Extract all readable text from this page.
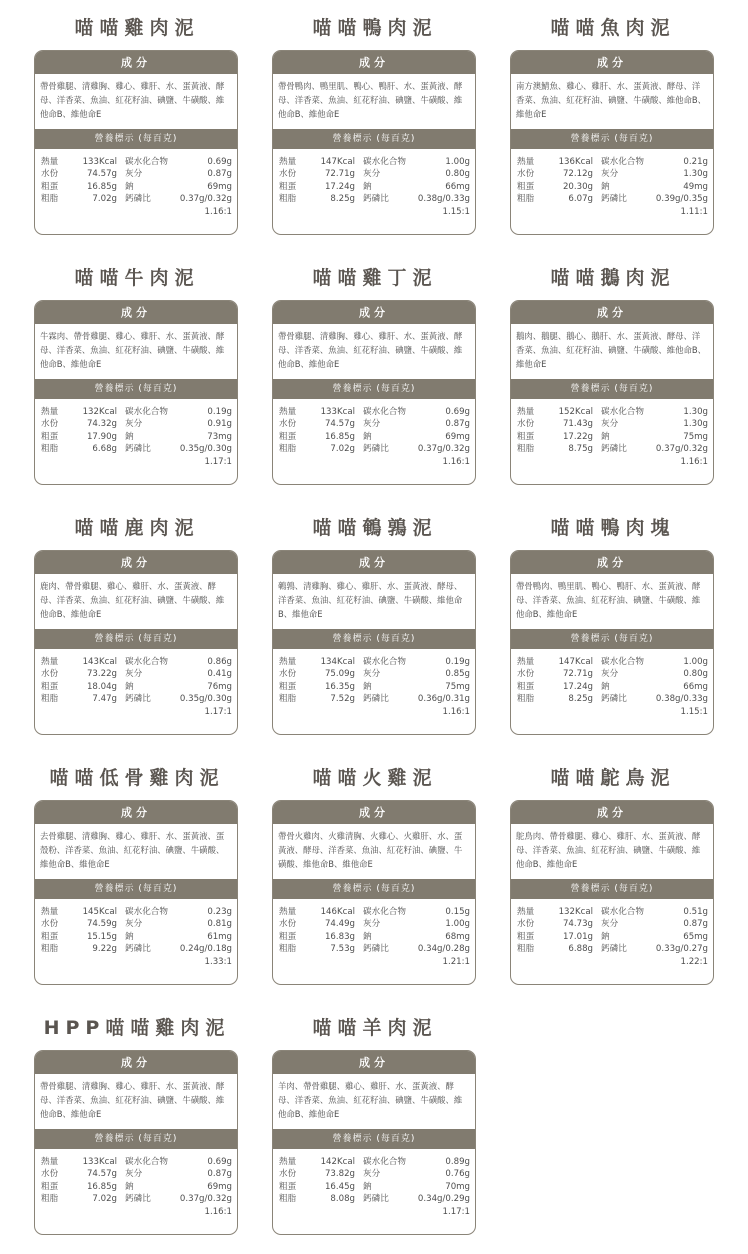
喵喵雞肉泥
成分
帶骨雞腿、清雞胸、雞心、雞肝、水、蛋黃液、酵母、洋香菜、魚油、紅花籽油、碘鹽、牛磺酸、維他命B、維他命E
營養標示 (每百克)
熱量	133Kcal 碳水化合物	0.69g
水份	74.57g 灰分	0.87g
粗蛋	16.85g 鈉	69mg
粗脂	7.02g 鈣磷比	0.37g/0.32g
1.16:1
喵喵鴨肉泥
成分
帶骨鴨肉、鴨里肌、鴨心、鴨肝、水、蛋黃液、酵母、洋香菜、魚油、紅花籽油、碘鹽、牛磺酸、維他命B、維他命E
營養標示 (每百克)
熱量	147Kcal 碳水化合物	1.00g
水份	72.71g 灰分	0.80g
粗蛋	17.24g 鈉	66mg
粗脂	8.25g 鈣磷比	0.38g/0.33g
1.15:1
喵喵魚肉泥
成分
南方澳鯖魚、雞心、雞肝、水、蛋黃液、酵母、洋香菜、魚油、紅花籽油、碘鹽、牛磺酸、維他命B、維他命E
營養標示 (每百克)
熱量	136Kcal 碳水化合物	0.21g
水份	72.12g 灰分	1.30g
粗蛋	20.30g 鈉	49mg
粗脂	6.07g 鈣磷比	0.39g/0.35g
1.11:1
喵喵牛肉泥
成分
牛霖肉、帶骨雞腿、雞心、雞肝、水、蛋黃液、酵母、洋香菜、魚油、紅花籽油、碘鹽、牛磺酸、維他命B、維他命E
營養標示 (每百克)
熱量	132Kcal 碳水化合物	0.19g
水份	74.32g 灰分	0.91g
粗蛋	17.90g 鈉	73mg
粗脂	6.68g 鈣磷比	0.35g/0.30g
1.17:1
喵喵雞丁泥
成分
帶骨雞腿、清雞胸、雞心、雞肝、水、蛋黃液、酵母、洋香菜、魚油、紅花籽油、碘鹽、牛磺酸、維他命B、維他命E
營養標示 (每百克)
熱量	133Kcal 碳水化合物	0.69g
水份	74.57g 灰分	0.87g
粗蛋	16.85g 鈉	69mg
粗脂	7.02g 鈣磷比	0.37g/0.32g
1.16:1
喵喵鵝肉泥
成分
鵝肉、鵝腿、鵝心、鵝肝、水、蛋黃液、酵母、洋香菜、魚油、紅花籽油、碘鹽、牛磺酸、維他命B、維他命E
營養標示 (每百克)
熱量	152Kcal 碳水化合物	1.30g
水份	71.43g 灰分	1.30g
粗蛋	17.22g 鈉	75mg
粗脂	8.75g 鈣磷比	0.37g/0.32g
1.16:1
喵喵鹿肉泥
成分
鹿肉、帶骨雞腿、雞心、雞肝、水、蛋黃液、酵母、洋香菜、魚油、紅花籽油、碘鹽、牛磺酸、維他命B、維他命E
營養標示 (每百克)
熱量	143Kcal 碳水化合物	0.86g
水份	73.22g 灰分	0.41g
粗蛋	18.04g 鈉	76mg
粗脂	7.47g 鈣磷比	0.35g/0.30g
1.17:1
喵喵鵪鶉泥
成分
鵪鶉、清雞胸、雞心、雞肝、水、蛋黃液、酵母、洋香菜、魚油、紅花籽油、碘鹽、牛磺酸、維他命B、維他命E
營養標示 (每百克)
熱量	134Kcal 碳水化合物	0.19g
水份	75.09g 灰分	0.85g
粗蛋	16.35g 鈉	75mg
粗脂	7.52g 鈣磷比	0.36g/0.31g
1.16:1
喵喵鴨肉塊
成分
帶骨鴨肉、鴨里肌、鴨心、鴨肝、水、蛋黃液、酵母、洋香菜、魚油、紅花籽油、碘鹽、牛磺酸、維他命B、維他命E
營養標示 (每百克)
熱量	147Kcal 碳水化合物	1.00g
水份	72.71g 灰分	0.80g
粗蛋	17.24g 鈉	66mg
粗脂	8.25g 鈣磷比	0.38g/0.33g
1.15:1
喵喵低骨雞肉泥
成分
去骨雞腿、清雞胸、雞心、雞肝、水、蛋黃液、蛋殼粉、洋香菜、魚油、紅花籽油、碘鹽、牛磺酸、維他命B、維他命E
營養標示 (每百克)
熱量	145Kcal 碳水化合物	0.23g
水份	74.59g 灰分	0.81g
粗蛋	15.15g 鈉	61mg
粗脂	9.22g 鈣磷比	0.24g/0.18g
1.33:1
喵喵火雞泥
成分
帶骨火雞肉、火雞清胸、火雞心、火雞肝、水、蛋黃液、酵母、洋香菜、魚油、紅花籽油、碘鹽、牛磺酸、維他命B、維他命E
營養標示 (每百克)
熱量	146Kcal 碳水化合物	0.15g
水份	74.49g 灰分	1.00g
粗蛋	16.83g 鈉	68mg
粗脂	7.53g 鈣磷比	0.34g/0.28g
1.21:1
喵喵鴕鳥泥
成分
鴕鳥肉、帶骨雞腿、雞心、雞肝、水、蛋黃液、酵母、洋香菜、魚油、紅花籽油、碘鹽、牛磺酸、維他命B、維他命E
營養標示 (每百克)
熱量	132Kcal 碳水化合物	0.51g
水份	74.73g 灰分	0.87g
粗蛋	17.01g 鈉	65mg
粗脂	6.88g 鈣磷比	0.33g/0.27g
1.22:1
HPP喵喵雞肉泥
成分
帶骨雞腿、清雞胸、雞心、雞肝、水、蛋黃液、酵母、洋香菜、魚油、紅花籽油、碘鹽、牛磺酸、維他命B、維他命E
營養標示 (每百克)
熱量	133Kcal 碳水化合物	0.69g
水份	74.57g 灰分	0.87g
粗蛋	16.85g 鈉	69mg
粗脂	7.02g 鈣磷比	0.37g/0.32g
1.16:1
喵喵羊肉泥
成分
羊肉、帶骨雞腿、雞心、雞肝、水、蛋黃液、酵母、洋香菜、魚油、紅花籽油、碘鹽、牛磺酸、維他命B、維他命E
營養標示 (每百克)
熱量	142Kcal 碳水化合物	0.89g
水份	73.82g 灰分	0.76g
粗蛋	16.45g 鈉	70mg
粗脂	8.08g 鈣磷比	0.34g/0.29g
1.17:1
